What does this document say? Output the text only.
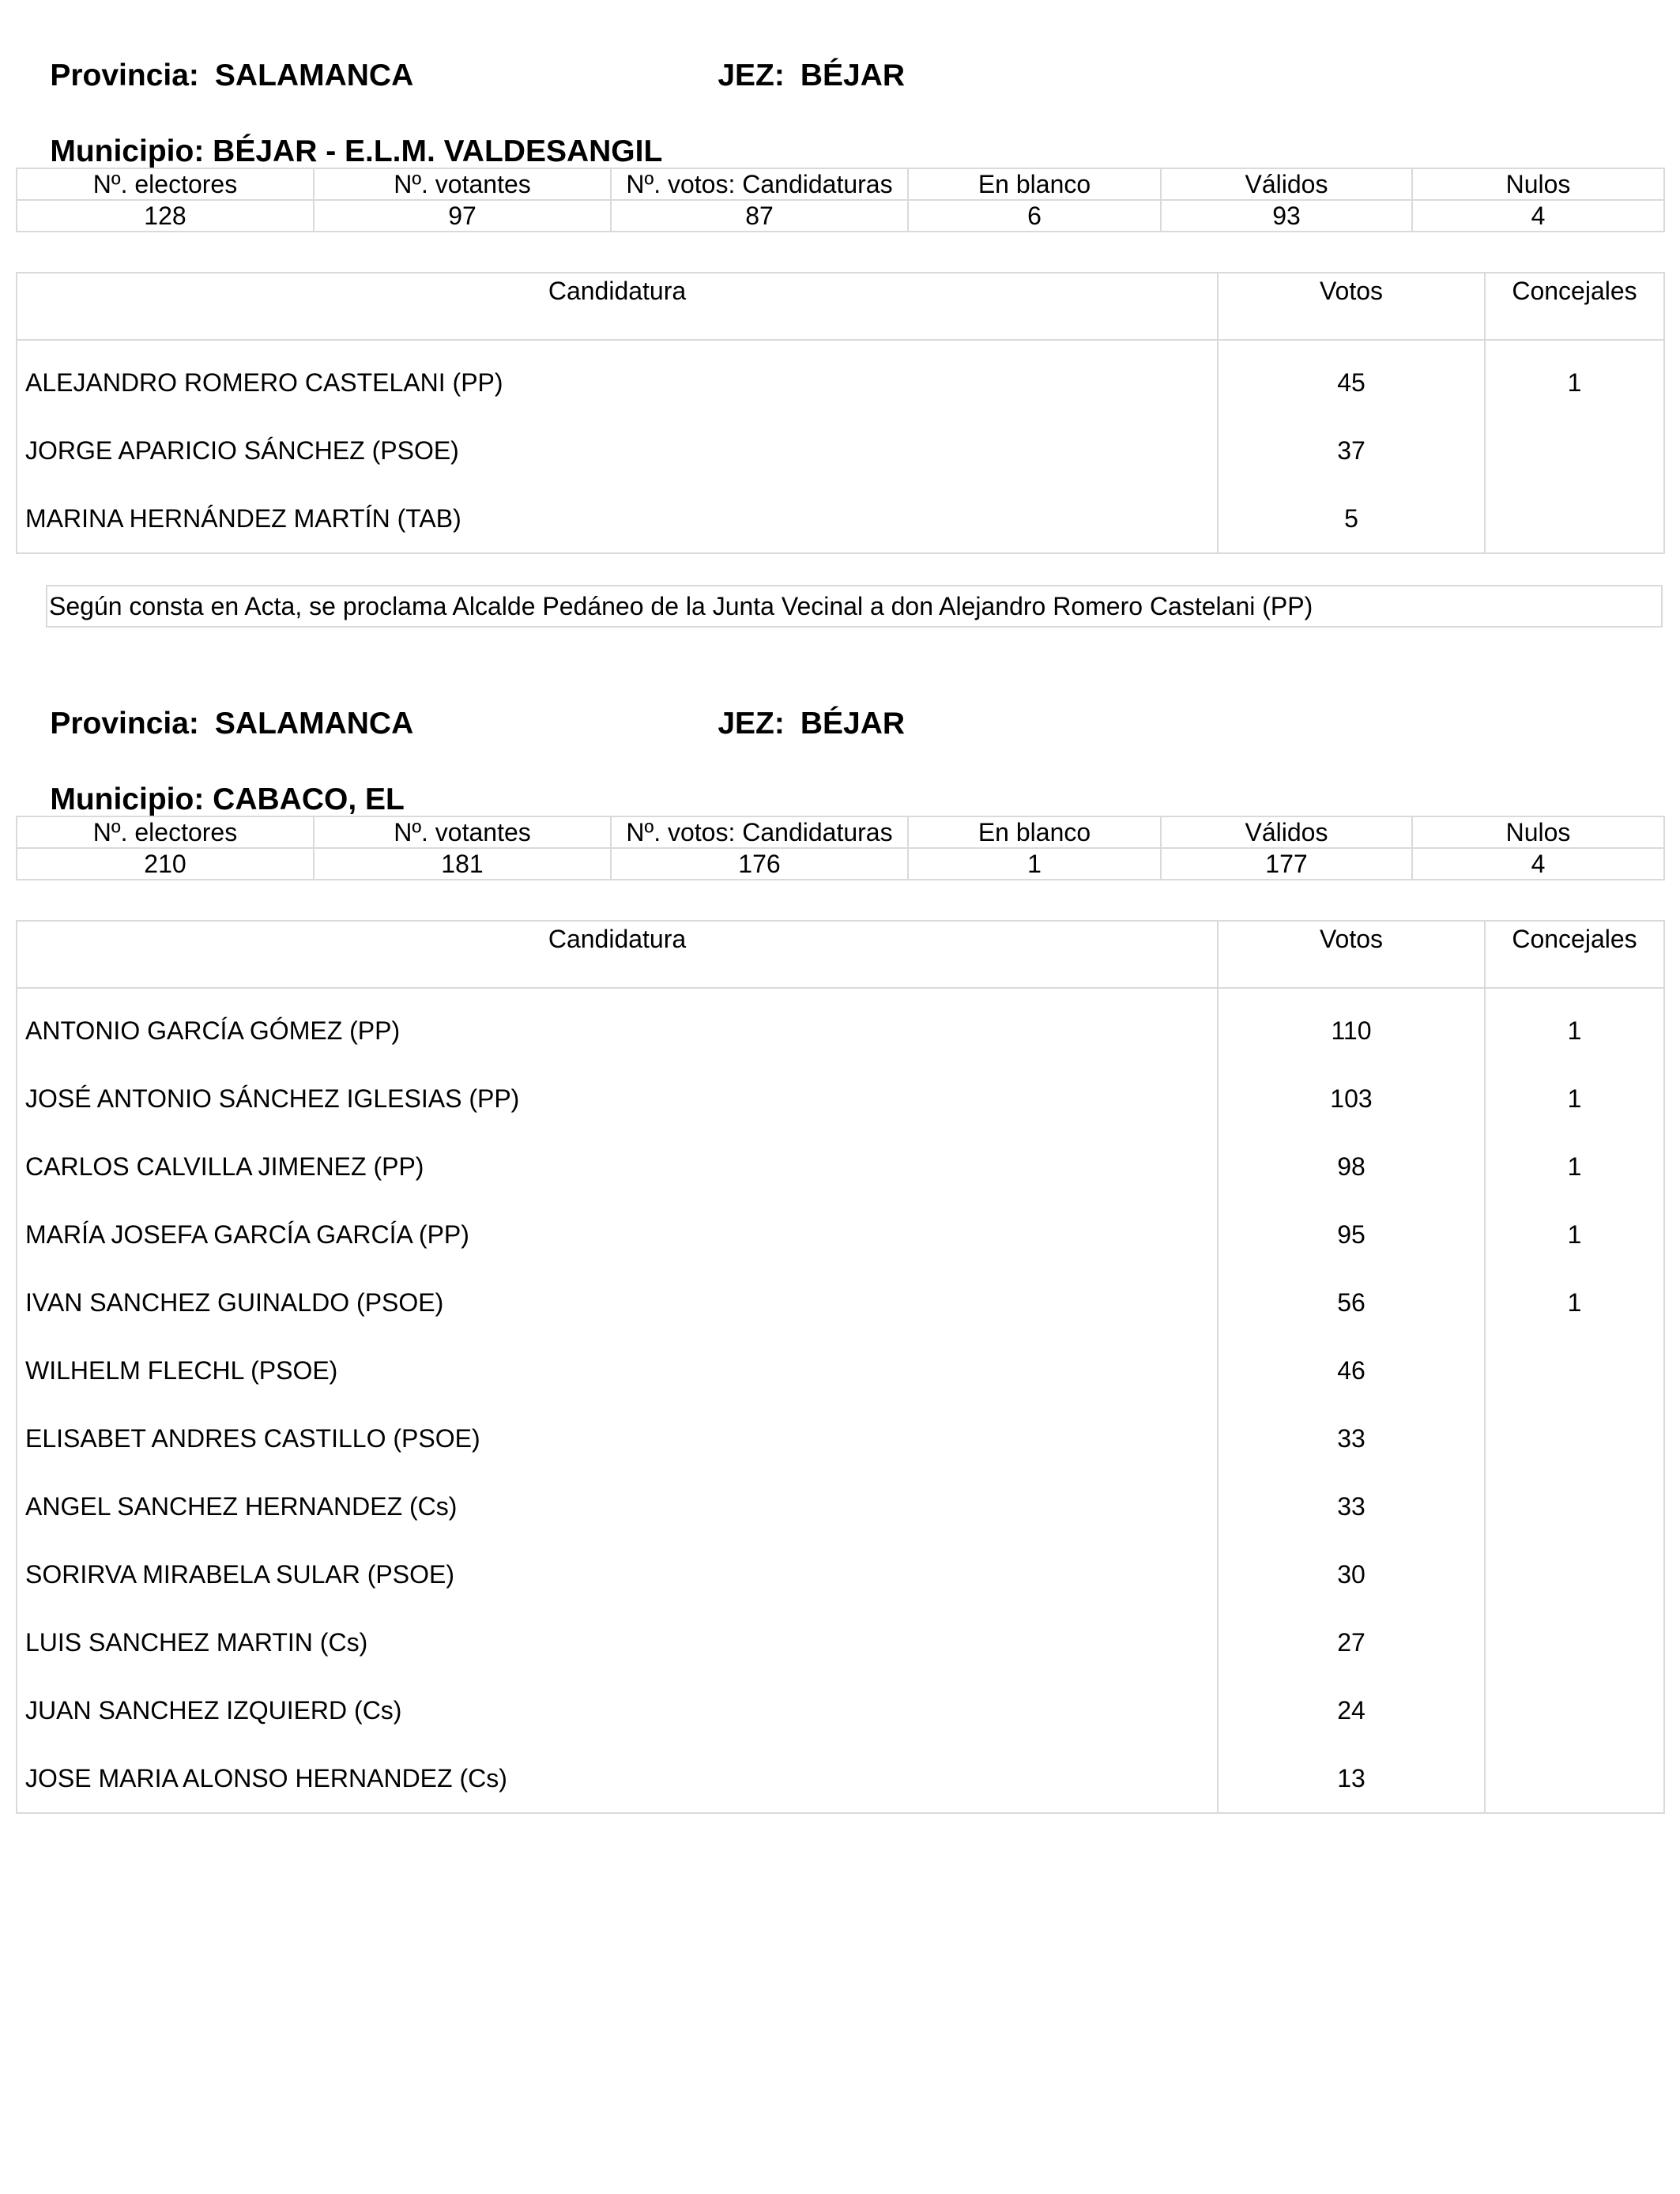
Provincia: SALAMANCA
	JEZ: BÉJAR

Municipio: BÉJAR - E.L.M. VALDESANGIL

Nº. electores	Nº. votantes	Nº. votos: Candidaturas	En blanco	Válidos	Nulos
128	97	87	6	93	4
Candidatura	Votos	Concejales

ALEJANDRO ROMERO CASTELANI (PP)	45	1
JORGE APARICIO SÁNCHEZ (PSOE)	37	
MARINA HERNÁNDEZ MARTÍN (TAB)	5	
Según consta en Acta, se proclama Alcalde Pedáneo de la Junta Vecinal a don Alejandro Romero Castelani (PP)

Provincia: SALAMANCA
	JEZ: BÉJAR

Municipio: CABACO, EL

Nº. electores	Nº. votantes	Nº. votos: Candidaturas	En blanco	Válidos	Nulos
210	181	176	1	177	4
Candidatura	Votos	Concejales

ANTONIO GARCÍA GÓMEZ (PP)	110	1
JOSÉ ANTONIO SÁNCHEZ IGLESIAS (PP)	103	1
CARLOS CALVILLA JIMENEZ (PP)	98	1
MARÍA JOSEFA GARCÍA GARCÍA (PP)	95	1
IVAN SANCHEZ GUINALDO (PSOE)	56	1
WILHELM FLECHL (PSOE)	46	
ELISABET ANDRES CASTILLO (PSOE)	33	
ANGEL SANCHEZ HERNANDEZ (Cs)	33	
SORIRVA MIRABELA SULAR (PSOE)	30	
LUIS SANCHEZ MARTIN (Cs)	27	
JUAN SANCHEZ IZQUIERD (Cs)	24	
JOSE MARIA ALONSO HERNANDEZ (Cs)	13	
